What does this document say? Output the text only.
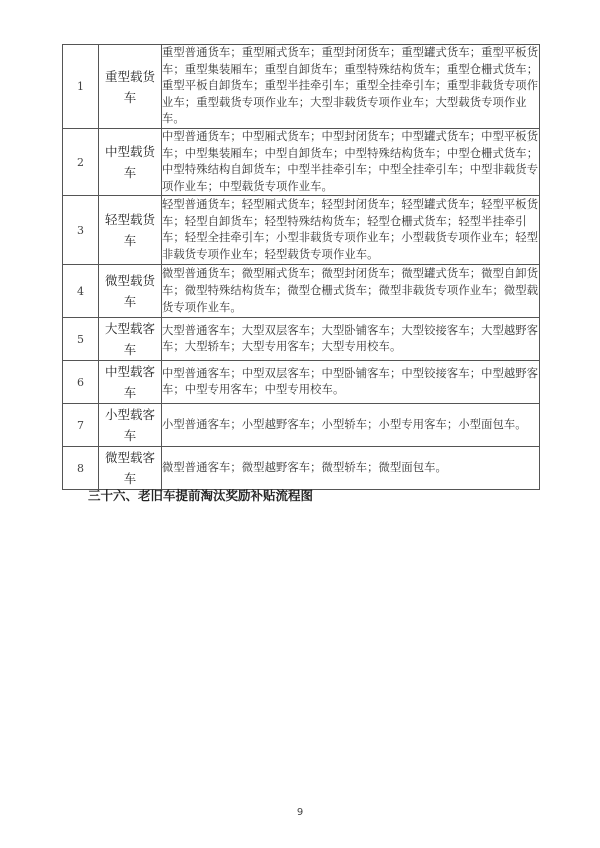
1	重型载货车	重型普通货车；重型厢式货车；重型封闭货车；重型罐式货车；重型平板货车；重型集装厢车；重型自卸货车；重型特殊结构货车；重型仓栅式货车；重型平板自卸货车；重型半挂牵引车；重型全挂牵引车；重型非载货专项作业车；重型载货专项作业车；大型非载货专项作业车；大型载货专项作业车。
2	中型载货车	中型普通货车；中型厢式货车；中型封闭货车；中型罐式货车；中型平板货车；中型集装厢车；中型自卸货车；中型特殊结构货车；中型仓栅式货车；中型特殊结构自卸货车；中型半挂牵引车；中型全挂牵引车；中型非载货专项作业车；中型载货专项作业车。
3	轻型载货车	轻型普通货车；轻型厢式货车；轻型封闭货车；轻型罐式货车；轻型平板货车；轻型自卸货车；轻型特殊结构货车；轻型仓栅式货车；轻型半挂牵引车；轻型全挂牵引车；小型非载货专项作业车；小型载货专项作业车；轻型非载货专项作业车；轻型载货专项作业车。
4	微型载货车	微型普通货车；微型厢式货车；微型封闭货车；微型罐式货车；微型自卸货车；微型特殊结构货车；微型仓栅式货车；微型非载货专项作业车；微型载货专项作业车。
5	大型载客车	大型普通客车；大型双层客车；大型卧铺客车；大型铰接客车；大型越野客车；大型轿车；大型专用客车；大型专用校车。
6	中型载客车	中型普通客车；中型双层客车；中型卧铺客车；中型铰接客车；中型越野客车；中型专用客车；中型专用校车。
7	小型载客车	小型普通客车；小型越野客车；小型轿车；小型专用客车；小型面包车。
8	微型载客车	微型普通客车；微型越野客车；微型轿车；微型面包车。
三十六、老旧车提前淘汰奖励补贴流程图
9
